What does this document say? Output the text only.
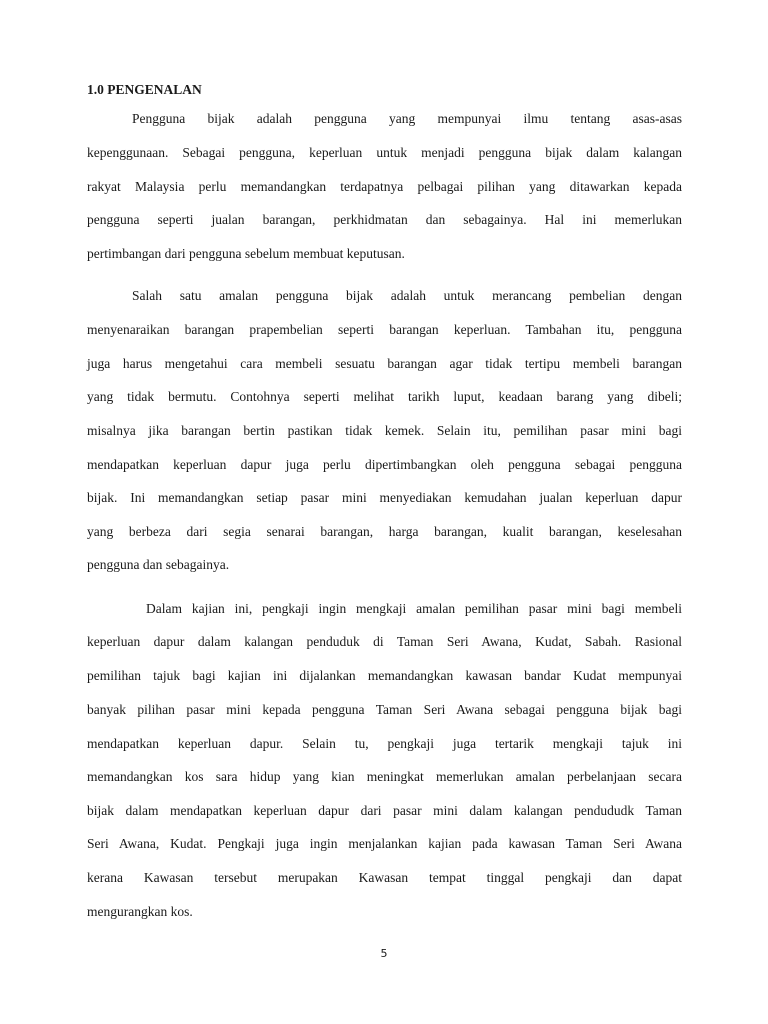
1.0 PENGENALAN

Pengguna bijak adalah pengguna yang mempunyai ilmu tentang asas-asas

kepenggunaan. Sebagai pengguna, keperluan untuk menjadi pengguna bijak dalam kalangan

rakyat Malaysia perlu memandangkan terdapatnya pelbagai pilihan yang ditawarkan kepada

pengguna seperti jualan barangan, perkhidmatan dan sebagainya. Hal ini memerlukan

pertimbangan dari pengguna sebelum membuat keputusan.

Salah satu amalan pengguna bijak adalah untuk merancang pembelian dengan

menyenaraikan barangan prapembelian seperti barangan keperluan. Tambahan itu, pengguna

juga harus mengetahui cara membeli sesuatu barangan agar tidak tertipu membeli barangan

yang tidak bermutu. Contohnya seperti melihat tarikh luput, keadaan barang yang dibeli;

misalnya jika barangan bertin pastikan tidak kemek. Selain itu, pemilihan pasar mini bagi

mendapatkan keperluan dapur juga perlu dipertimbangkan oleh pengguna sebagai pengguna

bijak. Ini memandangkan setiap pasar mini menyediakan kemudahan jualan keperluan dapur

yang berbeza dari segia senarai barangan, harga barangan, kualit barangan, keselesahan

pengguna dan sebagainya.

Dalam kajian ini, pengkaji ingin mengkaji amalan pemilihan pasar mini bagi membeli

keperluan dapur dalam kalangan penduduk di Taman Seri Awana, Kudat, Sabah. Rasional

pemilihan tajuk bagi kajian ini dijalankan memandangkan kawasan bandar Kudat mempunyai

banyak pilihan pasar mini kepada pengguna Taman Seri Awana sebagai pengguna bijak bagi

mendapatkan keperluan dapur. Selain tu, pengkaji juga tertarik mengkaji tajuk ini

memandangkan kos sara hidup yang kian meningkat memerlukan amalan perbelanjaan secara

bijak dalam mendapatkan keperluan dapur dari pasar mini dalam kalangan pendududk Taman

Seri Awana, Kudat. Pengkaji juga ingin menjalankan kajian pada kawasan Taman Seri Awana

kerana Kawasan tersebut merupakan Kawasan tempat tinggal pengkaji dan dapat

mengurangkan kos.

5
